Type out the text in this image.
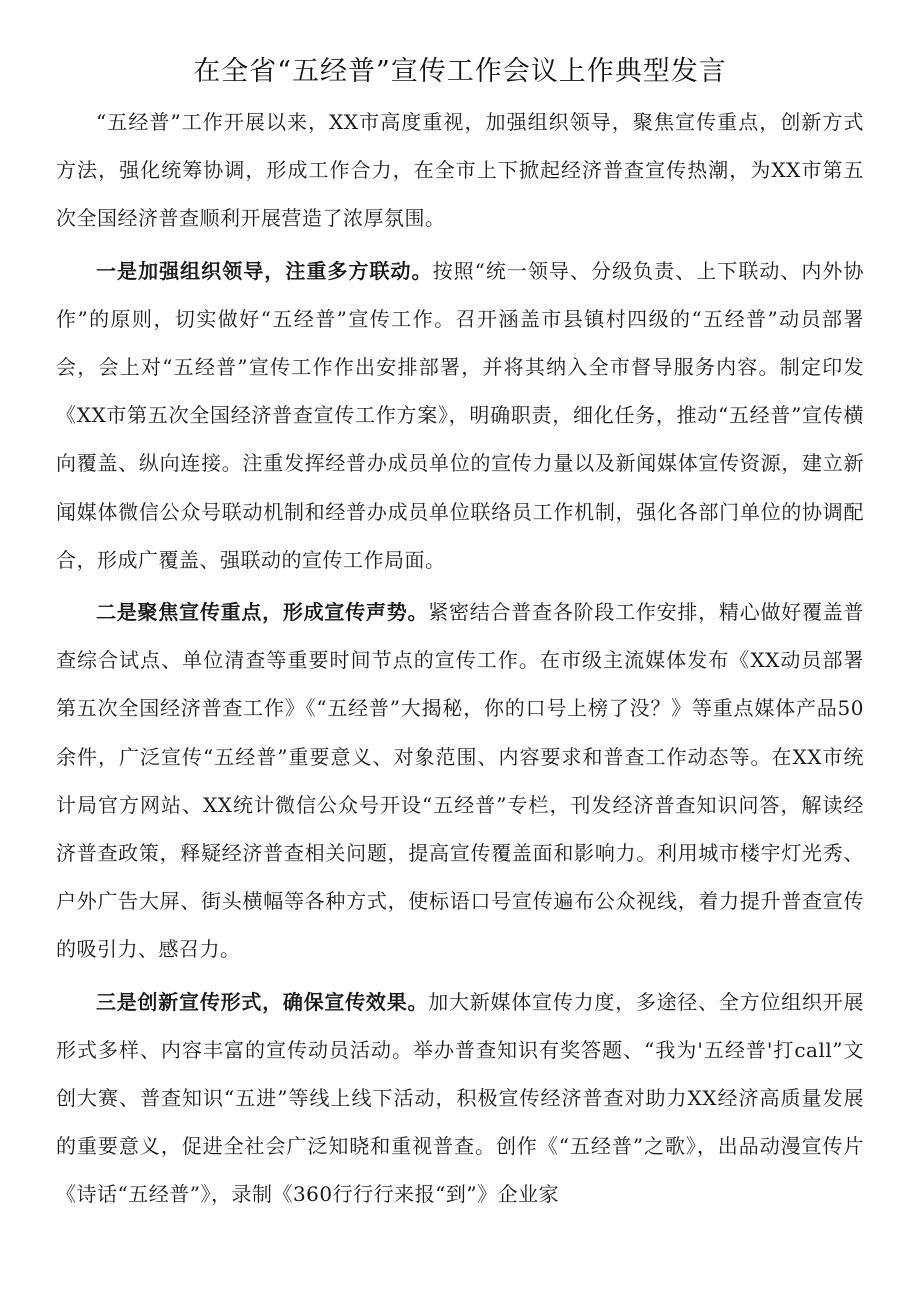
在全省“五经普”宣传工作会议上作典型发言

“五经普”工作开展以来，XX市高度重视，加强组织领导，聚焦宣传重点，创新方式方法，强化统筹协调，形成工作合力，在全市上下掀起经济普查宣传热潮，为XX市第五次全国经济普查顺利开展营造了浓厚氛围。

一是加强组织领导，注重多方联动。按照“统一领导、分级负责、上下联动、内外协作”的原则，切实做好“五经普”宣传工作。召开涵盖市县镇村四级的“五经普”动员部署会，会上对“五经普”宣传工作作出安排部署，并将其纳入全市督导服务内容。制定印发《XX市第五次全国经济普查宣传工作方案》，明确职责，细化任务，推动“五经普”宣传横向覆盖、纵向连接。注重发挥经普办成员单位的宣传力量以及新闻媒体宣传资源，建立新闻媒体微信公众号联动机制和经普办成员单位联络员工作机制，强化各部门单位的协调配合，形成广覆盖、强联动的宣传工作局面。

二是聚焦宣传重点，形成宣传声势。紧密结合普查各阶段工作安排，精心做好覆盖普查综合试点、单位清查等重要时间节点的宣传工作。在市级主流媒体发布《XX动员部署第五次全国经济普查工作》《“五经普”大揭秘，你的口号上榜了没？》等重点媒体产品50余件，广泛宣传“五经普”重要意义、对象范围、内容要求和普查工作动态等。在XX市统计局官方网站、XX统计微信公众号开设“五经普”专栏，刊发经济普查知识问答，解读经济普查政策，释疑经济普查相关问题，提高宣传覆盖面和影响力。利用城市楼宇灯光秀、户外广告大屏、街头横幅等各种方式，使标语口号宣传遍布公众视线，着力提升普查宣传的吸引力、感召力。

三是创新宣传形式，确保宣传效果。加大新媒体宣传力度，多途径、全方位组织开展形式多样、内容丰富的宣传动员活动。举办普查知识有奖答题、“我为'五经普'打call”文创大赛、普查知识“五进”等线上线下活动，积极宣传经济普查对助力XX经济高质量发展的重要意义，促进全社会广泛知晓和重视普查。创作《“五经普”之歌》，出品动漫宣传片《诗话“五经普”》，录制《360行行行来报“到”》企业家
